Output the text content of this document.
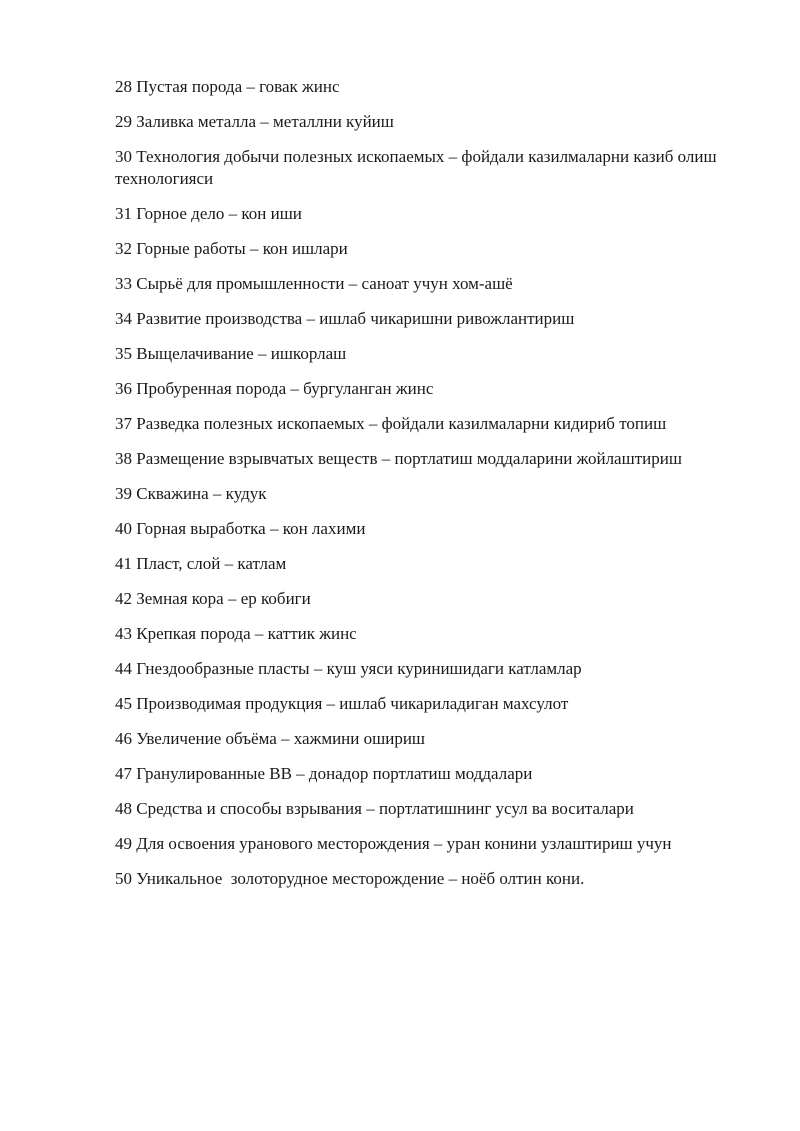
28 Пустая порода – говак жинс
29 Заливка металла – металлни куйиш
30 Технология добычи полезных ископаемых – фойдали казилмаларни казиб олиш технологияси
31 Горное дело – кон иши
32 Горные работы – кон ишлари
33 Сырьё для промышленности – саноат учун хом-ашё
34 Развитие производства – ишлаб чикаришни ривожлантириш
35 Выщелачивание – ишкорлаш
36 Пробуренная порода – бургуланган жинс
37 Разведка полезных ископаемых – фойдали казилмаларни кидириб топиш
38 Размещение взрывчатых веществ – портлатиш моддаларини жойлаштириш
39 Скважина – кудук
40 Горная выработка – кон лахими
41 Пласт, слой – катлам
42 Земная кора – ер кобиги
43 Крепкая порода – каттик жинс
44 Гнездообразные пласты – куш уяси куринишидаги катламлар
45 Производимая продукция – ишлаб чикариладиган махсулот
46 Увеличение объёма – хажмини ошириш
47 Гранулированные ВВ – донадор портлатиш моддалари
48 Средства и способы взрывания – портлатишнинг усул ва воситалари
49 Для освоения уранового месторождения – уран конини узлаштириш учун
50 Уникальное  золоторудное месторождение – ноёб олтин кони.
